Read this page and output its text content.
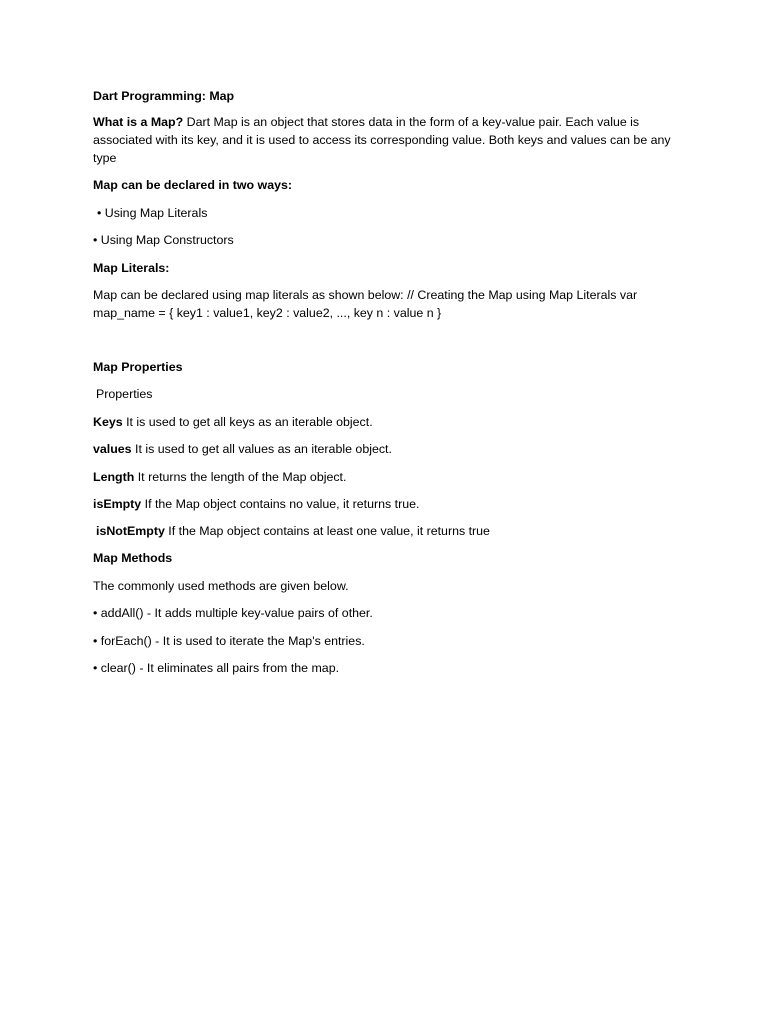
Dart Programming: Map
What is a Map? Dart Map is an object that stores data in the form of a key-value pair. Each value is associated with its key, and it is used to access its corresponding value. Both keys and values can be any type
Map can be declared in two ways:
• Using Map Literals
• Using Map Constructors
Map Literals:
Map can be declared using map literals as shown below: // Creating the Map using Map Literals var map_name = { key1 : value1, key2 : value2, ..., key n : value n }
Map Properties
Properties
Keys It is used to get all keys as an iterable object.
values It is used to get all values as an iterable object.
Length It returns the length of the Map object.
isEmpty If the Map object contains no value, it returns true.
isNotEmpty If the Map object contains at least one value, it returns true
Map Methods
The commonly used methods are given below.
• addAll() - It adds multiple key-value pairs of other.
• forEach() - It is used to iterate the Map's entries.
• clear() - It eliminates all pairs from the map.
